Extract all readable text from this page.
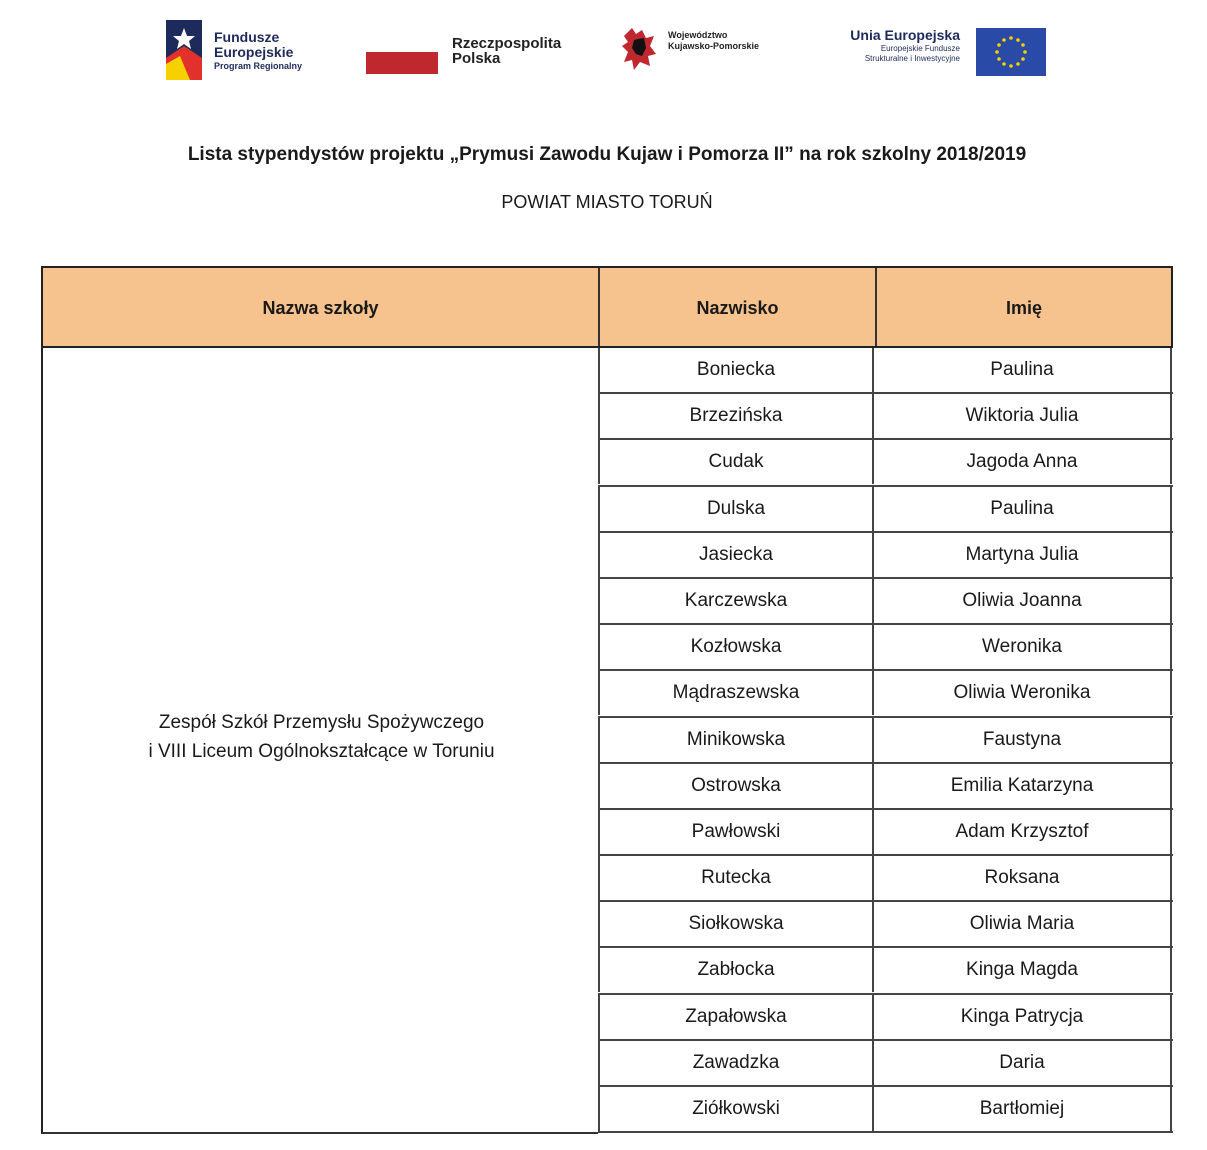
Fundusze
Europejskie
Program Regionalny
Rzeczpospolita
Polska
Województwo
Kujawsko-Pomorskie
Unia Europejska
Europejskie Fundusze
Strukturalne i Inwestycyjne
Lista stypendystów projektu „Prymusi Zawodu Kujaw i Pomorza II” na rok szkolny 2018/2019
POWIAT MIASTO TORUŃ
Nazwa szkoły	Nazwisko	Imię
Zespół Szkół Przemysłu Spożywczego
i VIII Liceum Ogólnokształcące w Toruniu
Boniecka	Paulina
Brzezińska	Wiktoria Julia
Cudak	Jagoda Anna
Dulska	Paulina
Jasiecka	Martyna Julia
Karczewska	Oliwia Joanna
Kozłowska	Weronika
Mądraszewska	Oliwia Weronika
Minikowska	Faustyna
Ostrowska	Emilia Katarzyna
Pawłowski	Adam Krzysztof
Rutecka	Roksana
Siołkowska	Oliwia Maria
Zabłocka	Kinga Magda
Zapałowska	Kinga Patrycja
Zawadzka	Daria
Ziółkowski	Bartłomiej
